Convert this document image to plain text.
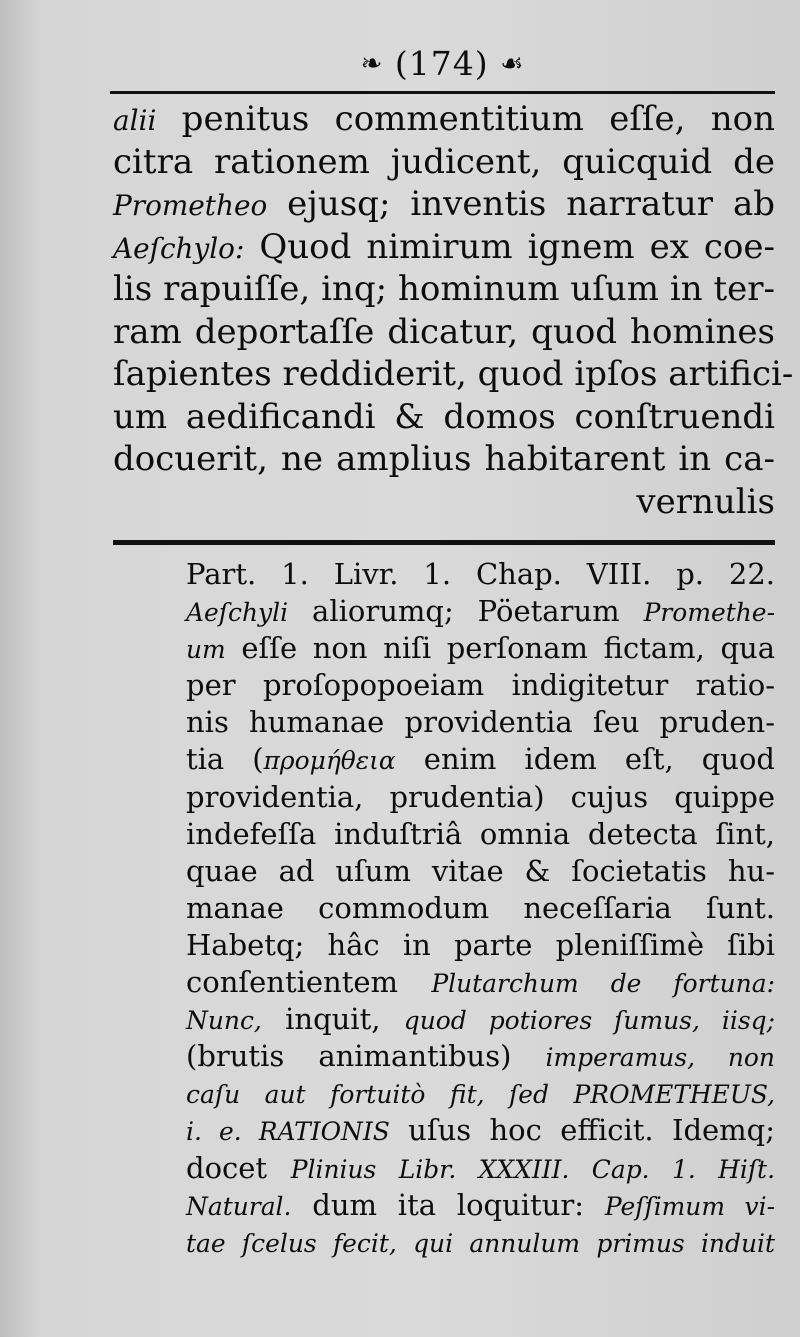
❧ (174) ☙
alii penitus commentitium eſſe, non
citra rationem judicent, quicquid de
Prometheo ejusq; inventis narratur ab
Aeſchylo: Quod nimirum ignem ex coe-
lis rapuiſſe, inq; hominum uſum in ter-
ram deportaſſe dicatur, quod homines
ſapientes reddiderit, quod ipſos artifici-
um aedificandi & domos conſtruendi
docuerit, ne amplius habitarent in ca-
vernulis
Part. 1. Livr. 1. Chap. VIII. p. 22.
Aeſchyli aliorumq; Pöetarum Promethe-
um eſſe non niſi perſonam fictam, qua
per proſopopoeiam indigitetur ratio-
nis humanae providentia ſeu pruden-
tia (προμήθεια enim idem eſt, quod
providentia, prudentia) cujus quippe
indefeſſa induſtriâ omnia detecta ſint,
quae ad uſum vitae & ſocietatis hu-
manae commodum neceſſaria ſunt.
Habetq; hâc in parte pleniſſimè ſibi
conſentientem Plutarchum de fortuna:
Nunc, inquit, quod potiores ſumus, iisq;
(brutis animantibus) imperamus, non
caſu aut fortuitò fit, ſed PROMETHEUS,
i. e. RATIONIS uſus hoc efficit. Idemq;
docet Plinius Libr. XXXIII. Cap. 1. Hiſt.
Natural. dum ita loquitur: Peſſimum vi-
tae ſcelus fecit, qui annulum primus induit
